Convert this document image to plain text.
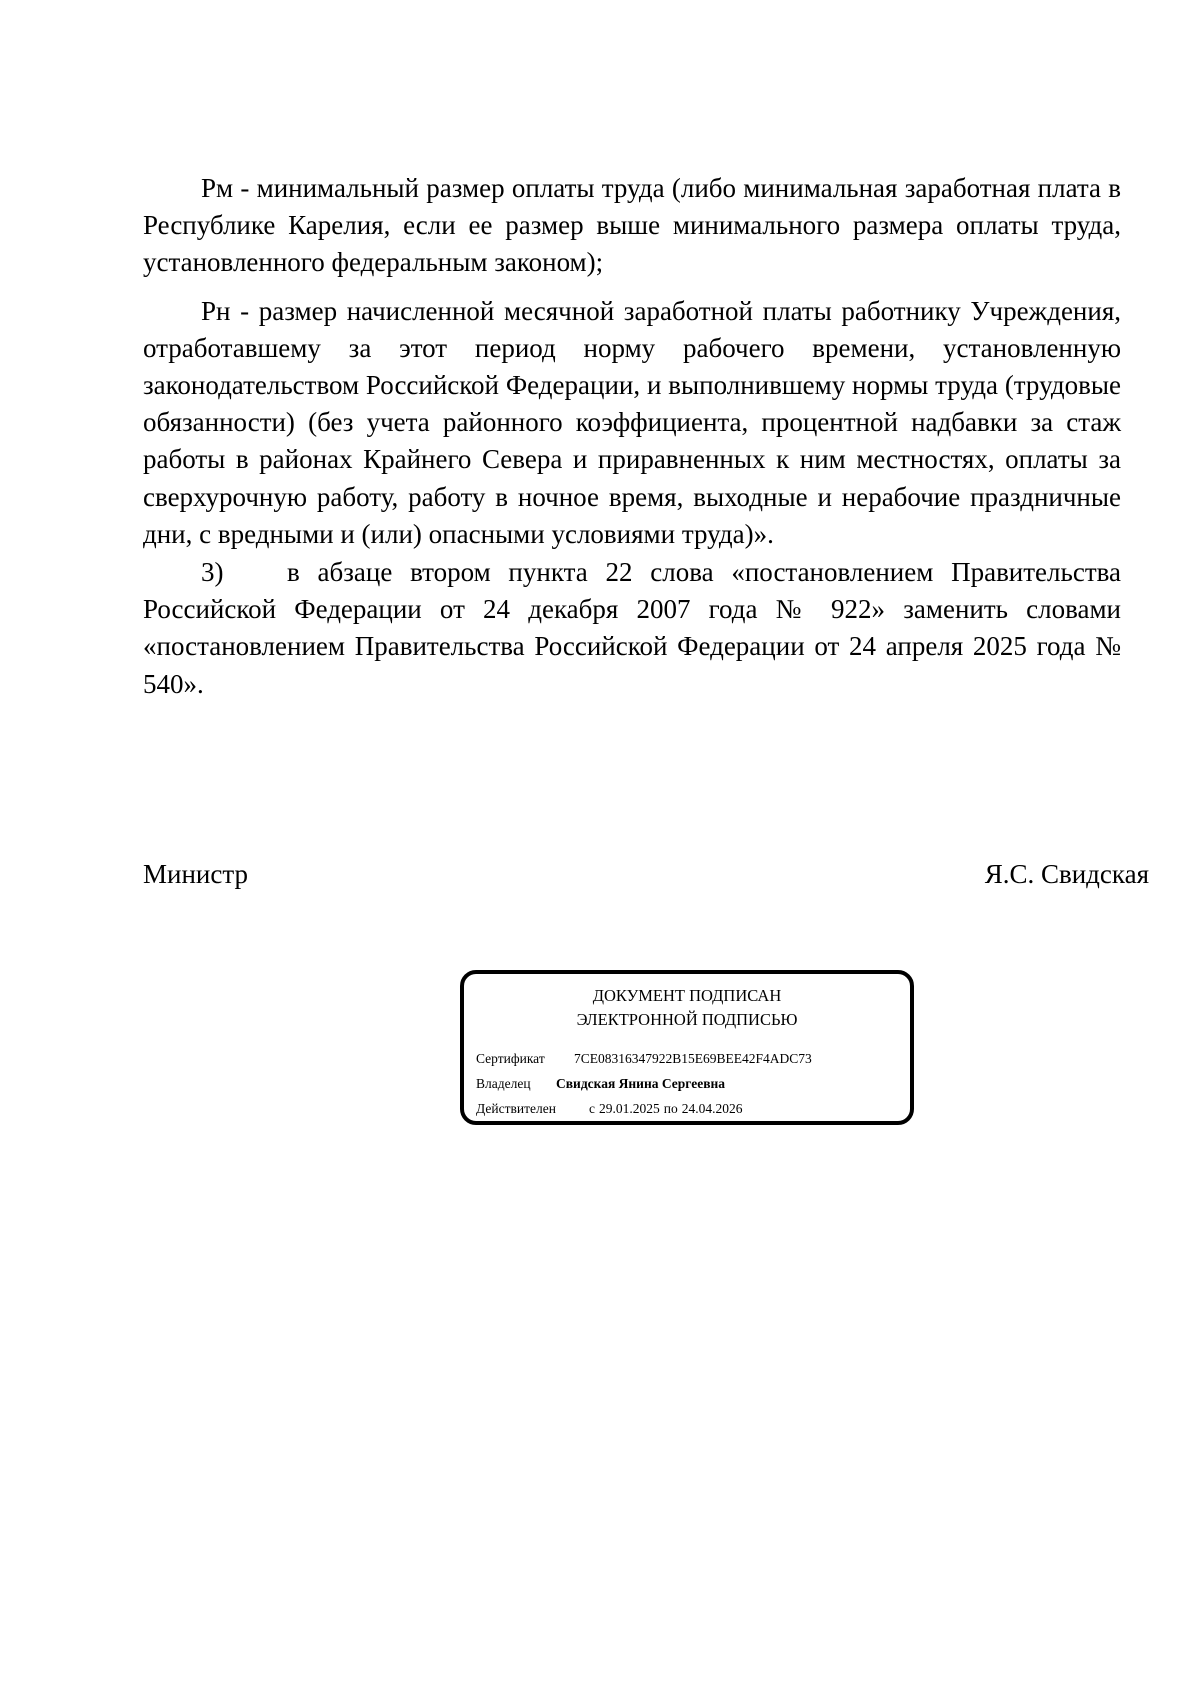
Рм - минимальный размер оплаты труда (либо минимальная заработная плата в Республике Карелия, если ее размер выше минимального размера оплаты труда, установленного федеральным законом);

Рн - размер начисленной месячной заработной платы работнику Учреждения, отработавшему за этот период норму рабочего времени, установленную законодательством Российской Федерации, и выполнившему нормы труда (трудовые обязанности) (без учета районного коэффициента, процентной надбавки за стаж работы в районах Крайнего Севера и приравненных к ним местностях, оплаты за сверхурочную работу, работу в ночное время, выходные и нерабочие праздничные дни, с вредными и (или) опасными условиями труда)».

3) в абзаце втором пункта 22 слова «постановлением Правительства Российской Федерации от 24 декабря 2007 года № 922» заменить словами «постановлением Правительства Российской Федерации от 24 апреля 2025 года № 540».

Министр	Я.С. Свидская
ДОКУМЕНТ ПОДПИСАН
ЭЛЕКТРОННОЙ ПОДПИСЬЮ
Сертификат 7CE08316347922B15E69BEE42F4ADC73
Владелец Свидская Янина Сергеевна
Действителен с 29.01.2025 по 24.04.2026
